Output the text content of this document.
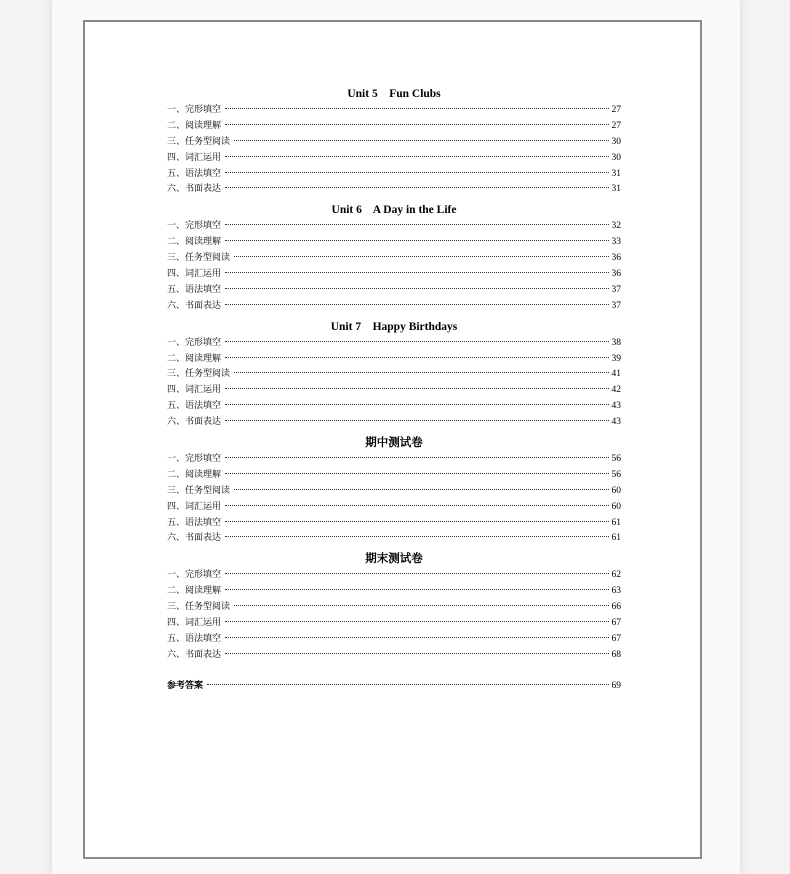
Unit 5    Fun Clubs
一、完形填空	27
二、阅读理解	27
三、任务型阅读	30
四、词汇运用	30
五、语法填空	31
六、书面表达	31
Unit 6    A Day in the Life
一、完形填空	32
二、阅读理解	33
三、任务型阅读	36
四、词汇运用	36
五、语法填空	37
六、书面表达	37
Unit 7    Happy Birthdays
一、完形填空	38
二、阅读理解	39
三、任务型阅读	41
四、词汇运用	42
五、语法填空	43
六、书面表达	43
期中测试卷
一、完形填空	56
二、阅读理解	56
三、任务型阅读	60
四、词汇运用	60
五、语法填空	61
六、书面表达	61
期末测试卷
一、完形填空	62
二、阅读理解	63
三、任务型阅读	66
四、词汇运用	67
五、语法填空	67
六、书面表达	68
参考答案	69
